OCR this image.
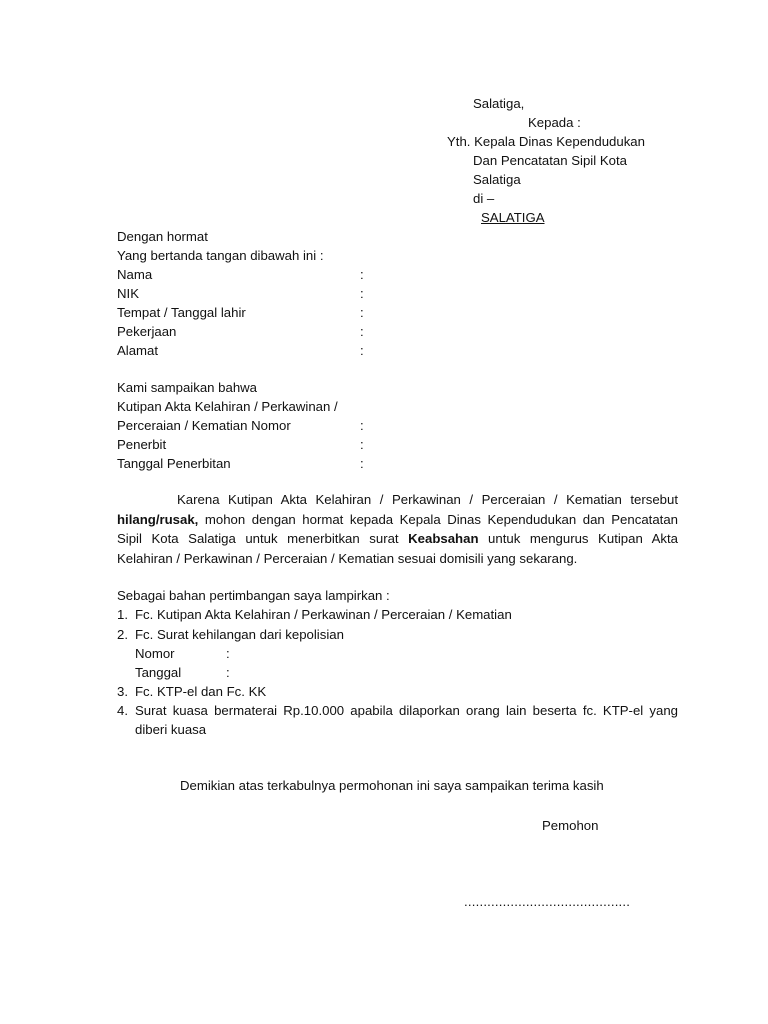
Salatiga,
Kepada :
Yth. Kepala Dinas Kependudukan
Dan Pencatatan Sipil Kota
Salatiga
di –
SALATIGA
Dengan hormat
Yang bertanda tangan dibawah ini :
Nama	:
NIK	:
Tempat / Tanggal lahir	:
Pekerjaan	:
Alamat	:
Kami sampaikan bahwa
Kutipan Akta Kelahiran / Perkawinan /
Perceraian / Kematian Nomor	:
Penerbit	:
Tanggal Penerbitan	:
Karena Kutipan Akta Kelahiran / Perkawinan / Perceraian / Kematian tersebut
hilang/rusak, mohon dengan hormat kepada Kepala Dinas Kependudukan dan Pencatatan
Sipil Kota Salatiga untuk menerbitkan surat Keabsahan untuk mengurus Kutipan Akta
Kelahiran / Perkawinan / Perceraian / Kematian sesuai domisili yang sekarang.
Sebagai bahan pertimbangan saya lampirkan :
1. Fc. Kutipan Akta Kelahiran / Perkawinan / Perceraian / Kematian
2. Fc. Surat kehilangan dari kepolisian
Nomor	:
Tanggal	:
3. Fc. KTP-el dan Fc. KK
4. Surat kuasa bermaterai Rp.10.000 apabila dilaporkan orang lain beserta fc. KTP-el yang
diberi kuasa
Demikian atas terkabulnya permohonan ini saya sampaikan terima kasih
Pemohon
...........................................
